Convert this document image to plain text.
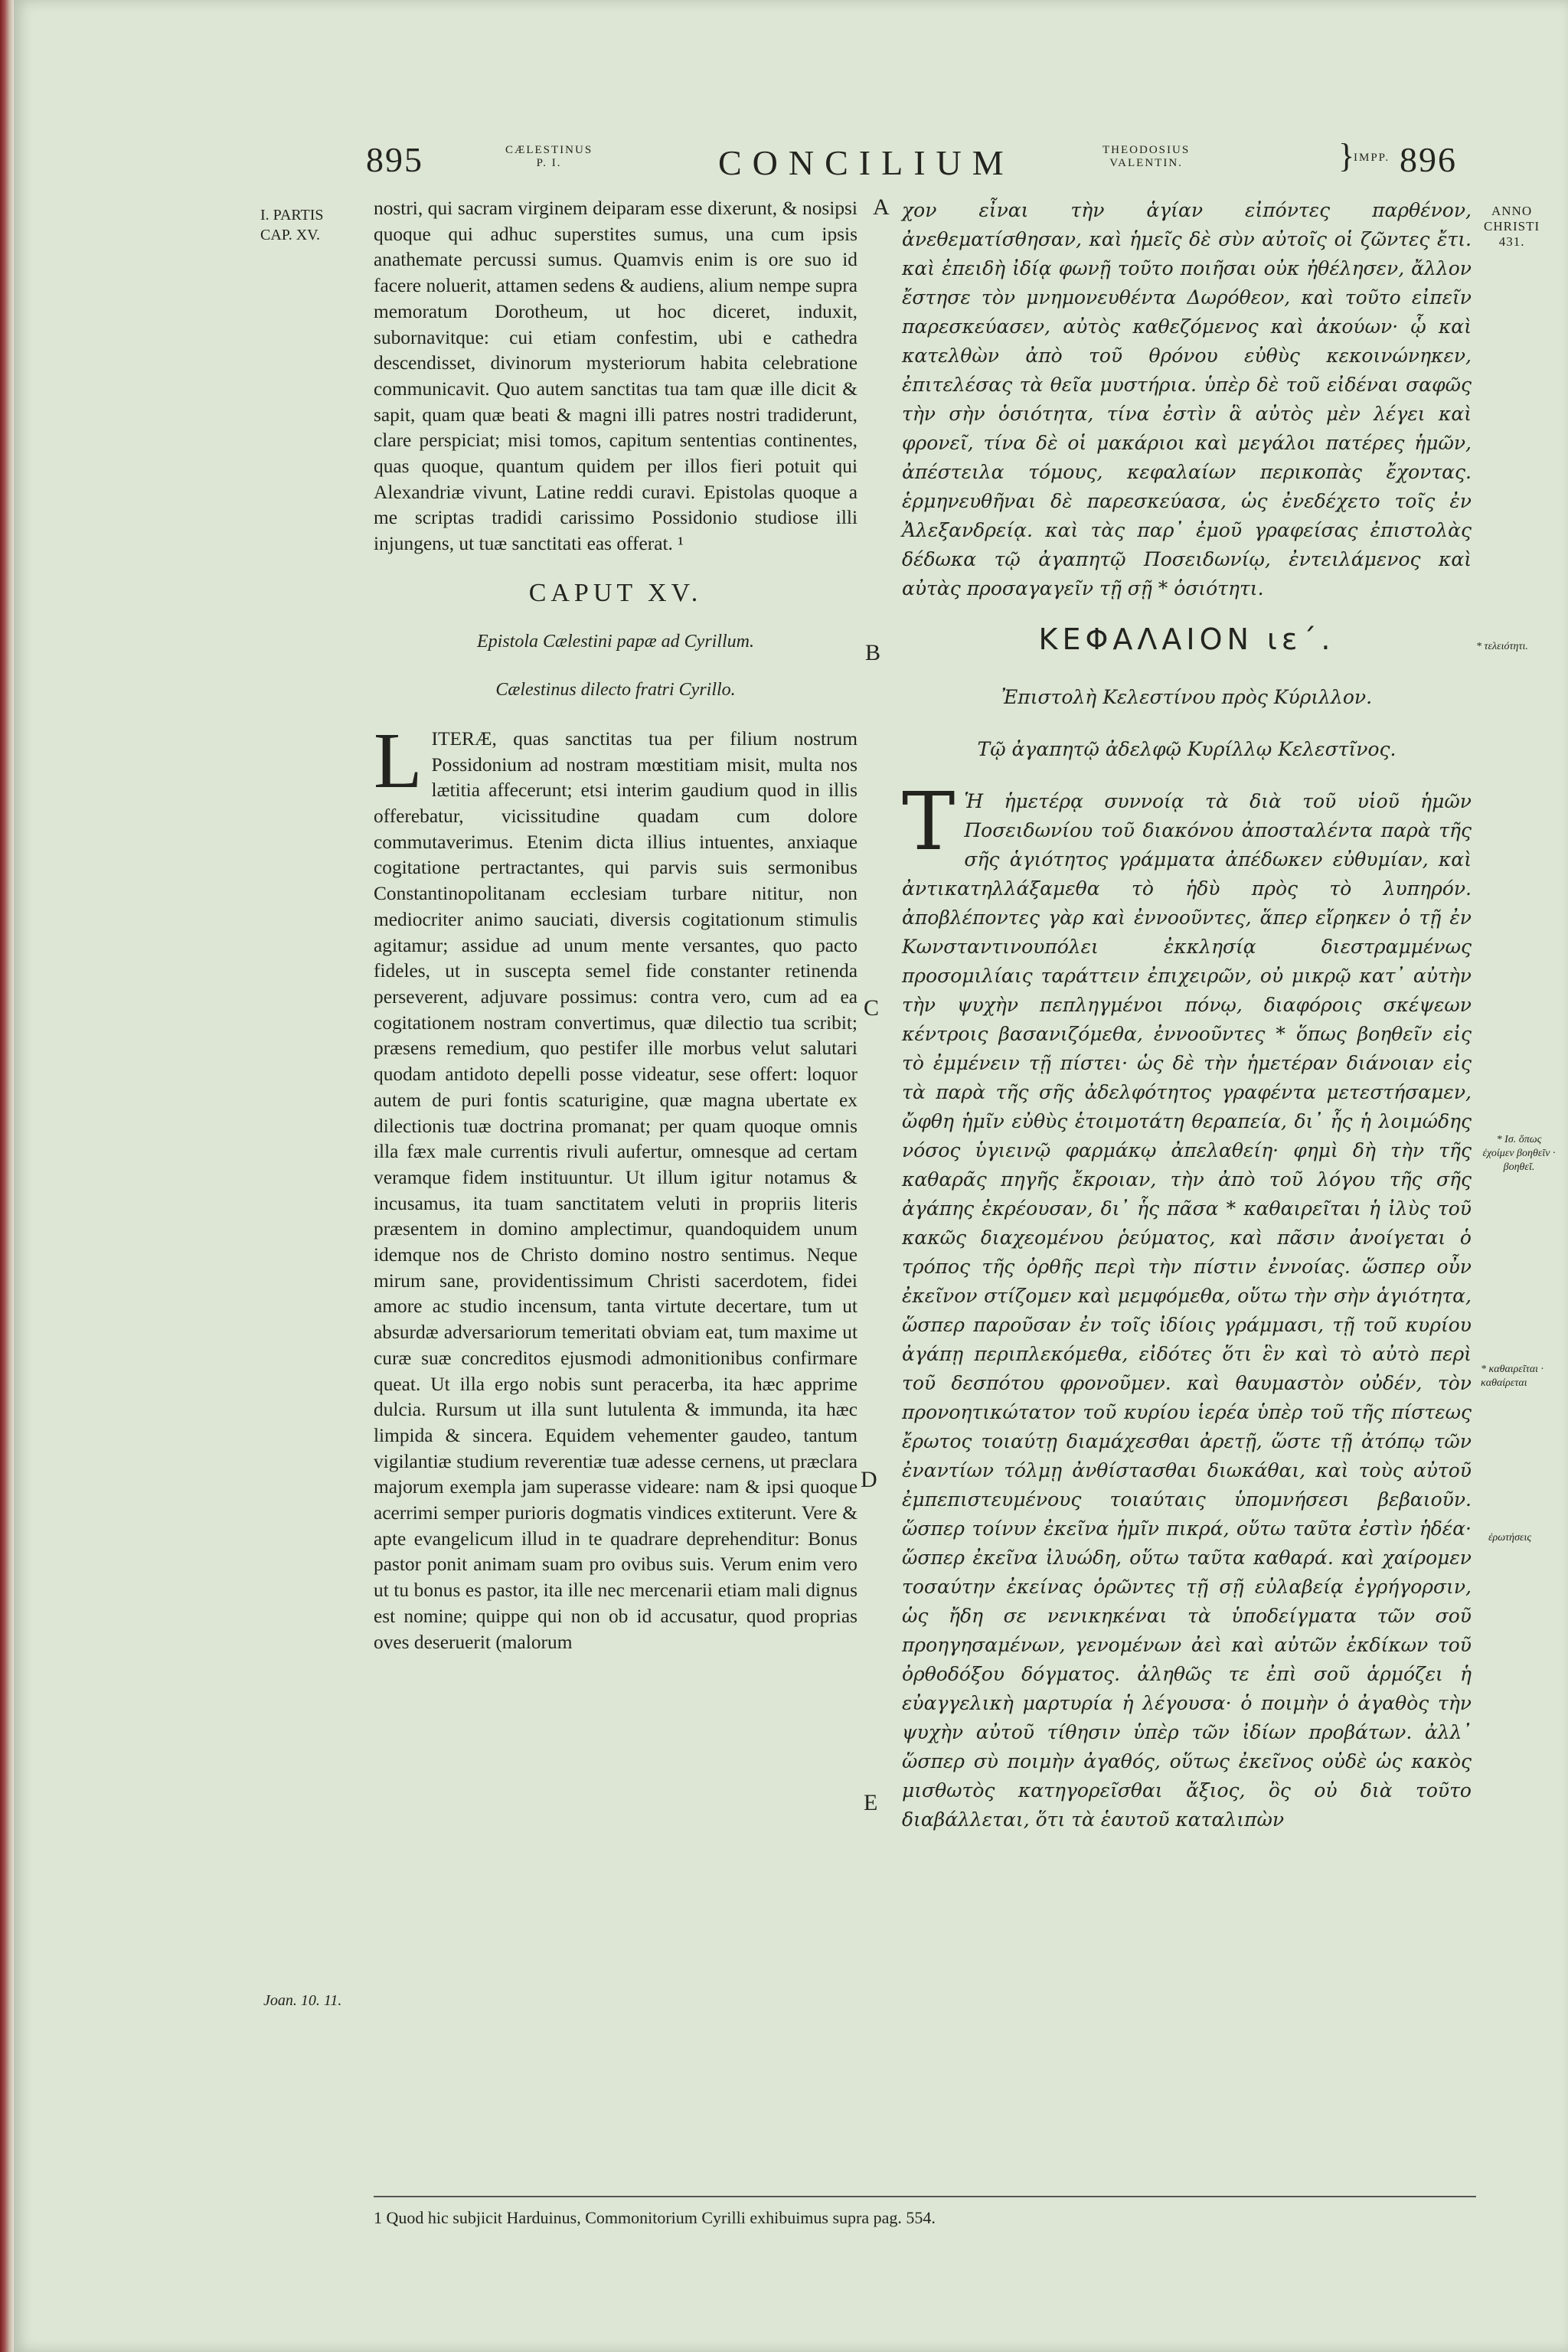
895	CÆLESTINUS
P. I.	CONCILIUM	THEODOSIUS
VALENTIN.	IMPP. 896
}
I. PARTIS
CAP. XV.
Joan. 10. 11.
A
B
C
D
E
ANNO
CHRISTI
431.
* τελειότητι.
* Ισ. ὅπως ἐχοίμεν βοηθεῖν · βοηθεῖ.
* καθαιρεῖται · καθαίρεται
ἐρωτήσεις

nostri, qui sacram virginem deiparam esse dixerunt, & nosipsi quoque qui adhuc superstites sumus, una cum ipsis anathemate percussi sumus. Quamvis enim is ore suo id facere noluerit, attamen sedens & audiens, alium nempe supra memoratum Dorotheum, ut hoc diceret, induxit, subornavitque: cui etiam confestim, ubi e cathedra descendisset, divinorum mysteriorum habita celebratione communicavit. Quo autem sanctitas tua tam quæ ille dicit & sapit, quam quæ beati & magni illi patres nostri tradiderunt, clare perspiciat; misi tomos, capitum sententias continentes, quas quoque, quantum quidem per illos fieri potuit qui Alexandriæ vivunt, Latine reddi curavi. Epistolas quoque a me scriptas tradidi carissimo Possidonio studiose illi injungens, ut tuæ sanctitati eas offerat. ¹

CAPUT XV.
Epistola Cælestini papæ ad Cyrillum.
Cælestinus dilecto fratri Cyrillo.

LITERÆ, quas sanctitas tua per filium nostrum Possidonium ad nostram mœstitiam misit, multa nos lætitia affecerunt; etsi interim gaudium quod in illis offerebatur, vicissitudine quadam cum dolore commutaverimus. Etenim dicta illius intuentes, anxiaque cogitatione pertractantes, qui parvis suis sermonibus Constantinopolitanam ecclesiam turbare nititur, non mediocriter animo sauciati, diversis cogitationum stimulis agitamur; assidue ad unum mente versantes, quo pacto fideles, ut in suscepta semel fide constanter retinenda perseverent, adjuvare possimus: contra vero, cum ad ea cogitationem nostram convertimus, quæ dilectio tua scribit; præsens remedium, quo pestifer ille morbus velut salutari quodam antidoto depelli posse videatur, sese offert: loquor autem de puri fontis scaturigine, quæ magna ubertate ex dilectionis tuæ doctrina promanat; per quam quoque omnis illa fæx male currentis rivuli aufertur, omnesque ad certam veramque fidem instituuntur. Ut illum igitur notamus & incusamus, ita tuam sanctitatem veluti in propriis literis præsentem in domino amplectimur, quandoquidem unum idemque nos de Christo domino nostro sentimus. Neque mirum sane, providentissimum Christi sacerdotem, fidei amore ac studio incensum, tanta virtute decertare, tum ut absurdæ adversariorum temeritati obviam eat, tum maxime ut curæ suæ concreditos ejusmodi admonitionibus confirmare queat. Ut illa ergo nobis sunt peracerba, ita hæc apprime dulcia. Rursum ut illa sunt lutulenta & immunda, ita hæc limpida & sincera. Equidem vehementer gaudeo, tantum vigilantiæ studium reverentiæ tuæ adesse cernens, ut præclara majorum exempla jam superasse videare: nam & ipsi quoque acerrimi semper purioris dogmatis vindices extiterunt. Vere & apte evangelicum illud in te quadrare deprehenditur: Bonus pastor ponit animam suam pro ovibus suis. Verum enim vero ut tu bonus es pastor, ita ille nec mercenarii etiam mali dignus est nomine; quippe qui non ob id accusatur, quod proprias oves deseruerit (malorum

χον εἶναι τὴν ἁγίαν εἰπόντες παρθένον, ἀνεθεματίσθησαν, καὶ ἡμεῖς δὲ σὺν αὐτοῖς οἱ ζῶντες ἔτι. καὶ ἐπειδὴ ἰδίᾳ φωνῇ τοῦτο ποιῆσαι οὐκ ἠθέλησεν, ἄλλον ἔστησε τὸν μνημονευθέντα Δωρόθεον, καὶ τοῦτο εἰπεῖν παρεσκεύασεν, αὐτὸς καθεζόμενος καὶ ἀκούων· ᾧ καὶ κατελθὼν ἀπὸ τοῦ θρόνου εὐθὺς κεκοινώνηκεν, ἐπιτελέσας τὰ θεῖα μυστήρια. ὑπὲρ δὲ τοῦ εἰδέναι σαφῶς τὴν σὴν ὁσιότητα, τίνα ἐστὶν ἃ αὐτὸς μὲν λέγει καὶ φρονεῖ, τίνα δὲ οἱ μακάριοι καὶ μεγάλοι πατέρες ἡμῶν, ἀπέστειλα τόμους, κεφαλαίων περικοπὰς ἔχοντας. ἑρμηνευθῆναι δὲ παρεσκεύασα, ὡς ἐνεδέχετο τοῖς ἐν Ἀλεξανδρείᾳ. καὶ τὰς παρ᾽ ἐμοῦ γραφείσας ἐπιστολὰς δέδωκα τῷ ἀγαπητῷ Ποσειδωνίῳ, ἐντειλάμενος καὶ αὐτὰς προσαγαγεῖν τῇ σῇ * ὁσιότητι.

ΚΕΦΑΛΑΙΟΝ ιε΄.
Ἐπιστολὴ Κελεστίνου πρὸς Κύριλλον.
Τῷ ἀγαπητῷ ἀδελφῷ Κυρίλλῳ Κελεστῖνος.

Τ Ἡ ἡμετέρᾳ συννοίᾳ τὰ διὰ τοῦ υἱοῦ ἡμῶν Ποσειδωνίου τοῦ διακόνου ἀποσταλέντα παρὰ τῆς σῆς ἁγιότητος γράμματα ἀπέδωκεν εὐθυμίαν, καὶ ἀντικατηλλάξαμεθα τὸ ἡδὺ πρὸς τὸ λυπηρόν. ἀποβλέποντες γὰρ καὶ ἐννοοῦντες, ἅπερ εἴρηκεν ὁ τῇ ἐν Κωνσταντινουπόλει ἐκκλησίᾳ διεστραμμένως προσομιλίαις ταράττειν ἐπιχειρῶν, οὐ μικρῷ κατ᾽ αὐτὴν τὴν ψυχὴν πεπληγμένοι πόνῳ, διαφόροις σκέψεων κέντροις βασανιζόμεθα, ἐννοοῦντες * ὅπως βοηθεῖν εἰς τὸ ἐμμένειν τῇ πίστει· ὡς δὲ τὴν ἡμετέραν διάνοιαν εἰς τὰ παρὰ τῆς σῆς ἀδελφότητος γραφέντα μετεστήσαμεν, ὤφθη ἡμῖν εὐθὺς ἑτοιμοτάτη θεραπεία, δι᾽ ἧς ἡ λοιμώδης νόσος ὑγιεινῷ φαρμάκῳ ἀπελαθείη· φημὶ δὴ τὴν τῆς καθαρᾶς πηγῆς ἔκροιαν, τὴν ἀπὸ τοῦ λόγου τῆς σῆς ἀγάπης ἐκρέουσαν, δι᾽ ἧς πᾶσα * καθαιρεῖται ἡ ἰλὺς τοῦ κακῶς διαχεομένου ῥεύματος, καὶ πᾶσιν ἀνοίγεται ὁ τρόπος τῆς ὀρθῆς περὶ τὴν πίστιν ἐννοίας. ὥσπερ οὖν ἐκεῖνον στίζομεν καὶ μεμφόμεθα, οὕτω τὴν σὴν ἁγιότητα, ὥσπερ παροῦσαν ἐν τοῖς ἰδίοις γράμμασι, τῇ τοῦ κυρίου ἀγάπῃ περιπλεκόμεθα, εἰδότες ὅτι ἓν καὶ τὸ αὐτὸ περὶ τοῦ δεσπότου φρονοῦμεν. καὶ θαυμαστὸν οὐδέν, τὸν προνοητικώτατον τοῦ κυρίου ἱερέα ὑπὲρ τοῦ τῆς πίστεως ἔρωτος τοιαύτῃ διαμάχεσθαι ἀρετῇ, ὥστε τῇ ἀτόπῳ τῶν ἐναντίων τόλμῃ ἀνθίστασθαι διωκάθαι, καὶ τοὺς αὐτοῦ ἐμπεπιστευμένους τοιαύταις ὑπομνήσεσι βεβαιοῦν. ὥσπερ τοίνυν ἐκεῖνα ἡμῖν πικρά, οὕτω ταῦτα ἐστὶν ἡδέα· ὥσπερ ἐκεῖνα ἰλυώδη, οὕτω ταῦτα καθαρά. καὶ χαίρομεν τοσαύτην ἐκείνας ὁρῶντες τῇ σῇ εὐλαβείᾳ ἐγρήγορσιν, ὡς ἤδη σε νενικηκέναι τὰ ὑποδείγματα τῶν σοῦ προηγησαμένων, γενομένων ἀεὶ καὶ αὐτῶν ἐκδίκων τοῦ ὀρθοδόξου δόγματος. ἀληθῶς τε ἐπὶ σοῦ ἁρμόζει ἡ εὐαγγελικὴ μαρτυρία ἡ λέγουσα· ὁ ποιμὴν ὁ ἀγαθὸς τὴν ψυχὴν αὐτοῦ τίθησιν ὑπὲρ τῶν ἰδίων προβάτων. ἀλλ᾽ ὥσπερ σὺ ποιμὴν ἀγαθός, οὕτως ἐκεῖνος οὐδὲ ὡς κακὸς μισθωτὸς κατηγορεῖσθαι ἄξιος, ὃς οὐ διὰ τοῦτο διαβάλλεται, ὅτι τὰ ἑαυτοῦ καταλιπὼν

1 Quod hic subjicit Harduinus, Commonitorium Cyrilli exhibuimus supra pag. 554.
